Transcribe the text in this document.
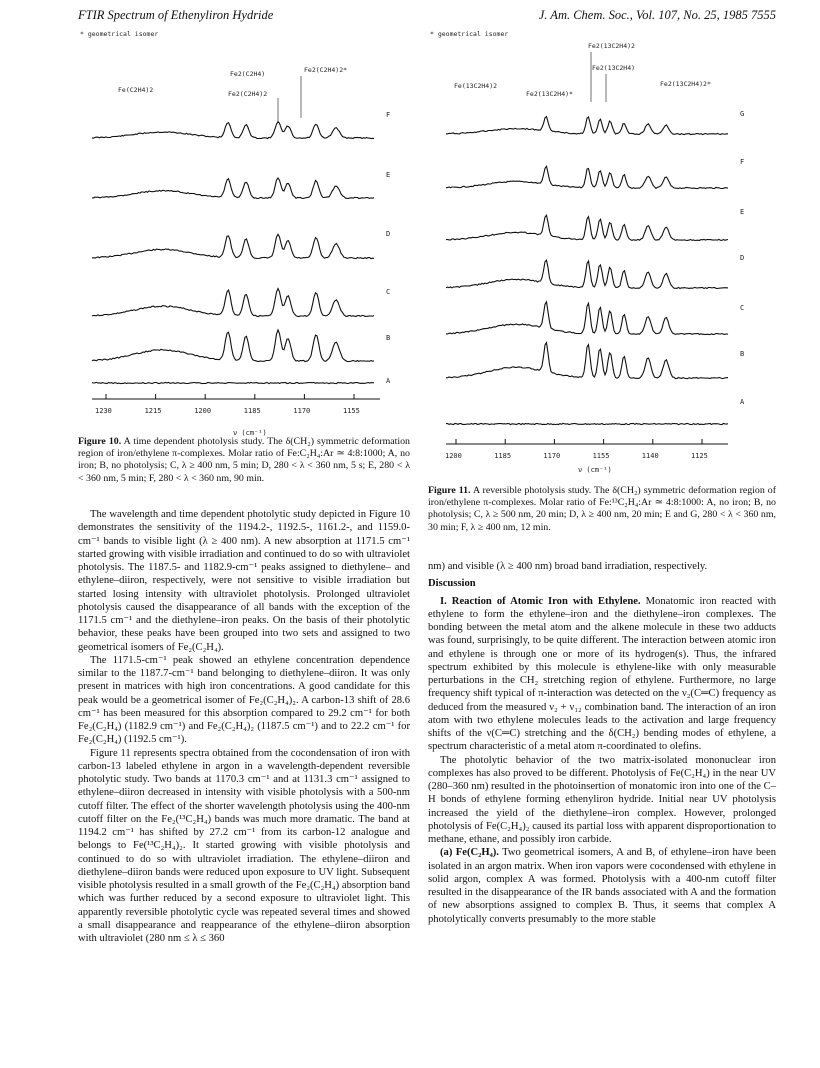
FTIR Spectrum of Ethenyliron Hydride	J. Am. Chem. Soc., Vol. 107, No. 25, 1985 7555
* geometrical isomer
Fe(C2H4)2
Fe2(C2H4)
Fe2(C2H4)2
Fe2(C2H4)2*
F
E
D
C
B
A
1230	1215	1200	1185	1170	1155
ν (cm⁻¹)
Figure 10. A time dependent photolysis study. The δ(CH₂) symmetric deformation region of iron/ethylene π-complexes. Molar ratio of Fe:C₂H₄:Ar ≃ 4:8:1000; A, no iron; B, no photolysis; C, λ ≥ 400 nm, 5 min; D, 280 < λ < 360 nm, 5 s; E, 280 < λ < 360 nm, 5 min; F, 280 < λ < 360 nm, 90 min.
* geometrical isomer
Fe2(13C2H4)2
Fe(13C2H4)2
Fe2(13C2H4)*
Fe2(13C2H4)
Fe2(13C2H4)2*
G
F
E
D
C
B
A
1200	1185	1170	1155	1140	1125
ν (cm⁻¹)
Figure 11. A reversible photolysis study. The δ(CH₂) symmetric deformation region of iron/ethylene π-complexes. Molar ratio of Fe:¹³C₂H₄:Ar ≃ 4:8:1000: A, no iron; B, no photolysis; C, λ ≥ 500 nm, 20 min; D, λ ≥ 400 nm, 20 min; E and G, 280 < λ < 360 nm, 30 min; F, λ ≥ 400 nm, 12 min.

The wavelength and time dependent photolytic study depicted in Figure 10 demonstrates the sensitivity of the 1194.2-, 1192.5-, 1161.2-, and 1159.0-cm⁻¹ bands to visible light (λ ≥ 400 nm). A new absorption at 1171.5 cm⁻¹ started growing with visible irradiation and continued to do so with ultraviolet photolysis. The 1187.5- and 1182.9-cm⁻¹ peaks assigned to diethylene– and ethylene–diiron, respectively, were not sensitive to visible irradiation but started losing intensity with ultraviolet photolysis. Prolonged ultraviolet photolysis caused the disappearance of all bands with the exception of the 1171.5 cm⁻¹ and the diethylene–iron peaks. On the basis of their photolytic behavior, these peaks have been grouped into two sets and assigned to two geometrical isomers of Fe₂(C₂H₄).

The 1171.5-cm⁻¹ peak showed an ethylene concentration dependence similar to the 1187.7-cm⁻¹ band belonging to diethylene–diiron. It was only present in matrices with high iron concentrations. A good candidate for this peak would be a geometrical isomer of Fe₂(C₂H₄)₂. A carbon-13 shift of 28.6 cm⁻¹ has been measured for this absorption compared to 29.2 cm⁻¹ for both Fe₂(C₂H₄) (1182.9 cm⁻¹) and Fe₂(C₂H₄)₂ (1187.5 cm⁻¹) and to 22.2 cm⁻¹ for Fe₂(C₂H₄) (1192.5 cm⁻¹).

Figure 11 represents spectra obtained from the cocondensation of iron with carbon-13 labeled ethylene in argon in a wavelength-dependent reversible photolytic study. Two bands at 1170.3 cm⁻¹ and at 1131.3 cm⁻¹ assigned to ethylene–diiron decreased in intensity with visible photolysis with a 500-nm cutoff filter. The effect of the shorter wavelength photolysis using the 400-nm cutoff filter on the Fe₂(¹³C₂H₄) bands was much more dramatic. The band at 1194.2 cm⁻¹ has shifted by 27.2 cm⁻¹ from its carbon-12 analogue and belongs to Fe(¹³C₂H₄)₂. It started growing with visible photolysis and continued to do so with ultraviolet irradiation. The ethylene–diiron and diethylene–diiron bands were reduced upon exposure to UV light. Subsequent visible photolysis resulted in a small growth of the Fe₂(C₂H₄) absorption band which was further reduced by a second exposure to ultraviolet light. This apparently reversible photolytic cycle was repeated several times and showed a small disappearance and reappearance of the ethylene–diiron absorption with ultraviolet (280 nm ≤ λ ≤ 360

nm) and visible (λ ≥ 400 nm) broad band irradiation, respectively.

Discussion

I. Reaction of Atomic Iron with Ethylene. Monatomic iron reacted with ethylene to form the ethylene–iron and the diethylene–iron complexes. The bonding between the metal atom and the alkene molecule in these two adducts was found, surprisingly, to be quite different. The interaction between atomic iron and ethylene is through one or more of its hydrogen(s). Thus, the infrared spectrum exhibited by this molecule is ethylene-like with only measurable perturbations in the CH₂ stretching region of ethylene. Furthermore, no large frequency shift typical of π-interaction was detected on the ν₂(C═C) frequency as deduced from the measured ν₂ + ν₁₂ combination band. The interaction of an iron atom with two ethylene molecules leads to the activation and large frequency shifts of the ν(C═C) stretching and the δ(CH₂) bending modes of ethylene, a spectrum characteristic of a metal atom π-coordinated to olefins.

The photolytic behavior of the two matrix-isolated mononuclear iron complexes has also proved to be different. Photolysis of Fe(C₂H₄) in the near UV (280–360 nm) resulted in the photoinsertion of monatomic iron into one of the C–H bonds of ethylene forming ethenyliron hydride. Initial near UV photolysis increased the yield of the diethylene–iron complex. However, prolonged photolysis of Fe(C₂H₄)₂ caused its partial loss with apparent disproportionation to methane, ethane, and possibly iron carbide.

(a) Fe(C₂H₄). Two geometrical isomers, A and B, of ethylene–iron have been isolated in an argon matrix. When iron vapors were cocondensed with ethylene in solid argon, complex A was formed. Photolysis with a 400-nm cutoff filter resulted in the disappearance of the IR bands associated with A and the formation of new absorptions assigned to complex B. Thus, it seems that complex A photolytically converts presumably to the more stable
